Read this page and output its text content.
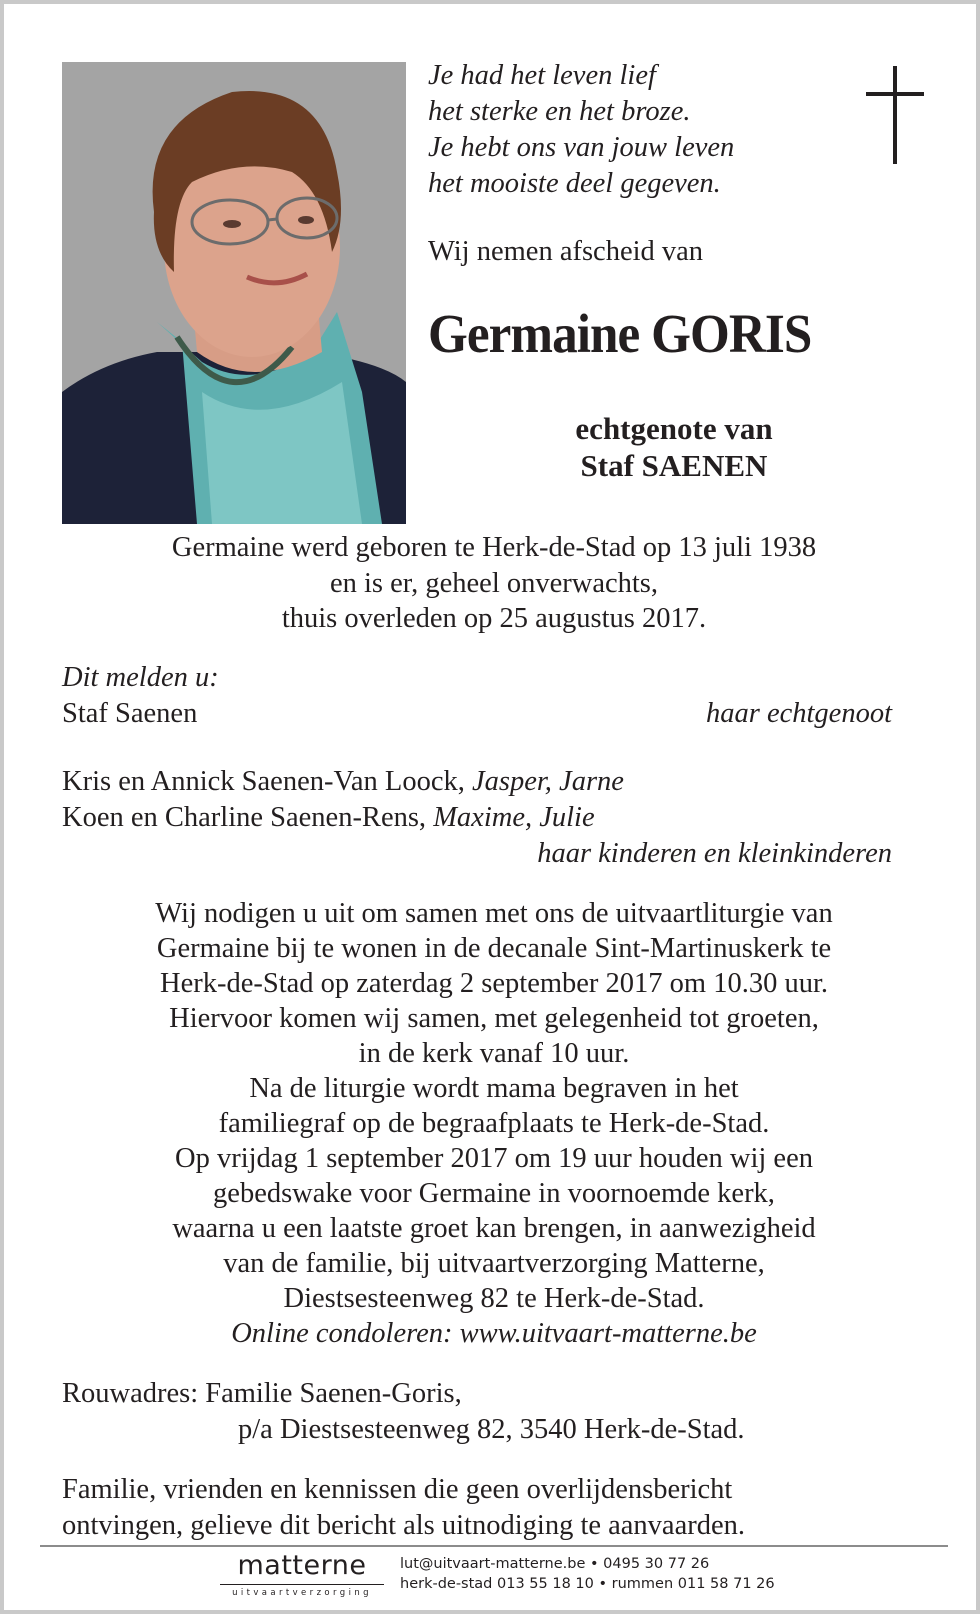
Je had het leven lief
het sterke en het broze.
Je hebt ons van jouw leven
het mooiste deel gegeven.
Wij nemen afscheid van
Germaine GORIS
echtgenote van
Staf SAENEN
Germaine werd geboren te Herk-de-Stad op 13 juli 1938
en is er, geheel onverwachts,
thuis overleden op 25 augustus 2017.
Dit melden u:
Staf Saenen	haar echtgenoot
Kris en Annick Saenen-Van Loock, Jasper, Jarne
Koen en Charline Saenen-Rens, Maxime, Julie
haar kinderen en kleinkinderen
Wij nodigen u uit om samen met ons de uitvaartliturgie van
Germaine bij te wonen in de decanale Sint-Martinuskerk te
Herk-de-Stad op zaterdag 2 september 2017 om 10.30 uur.
Hiervoor komen wij samen, met gelegenheid tot groeten,
in de kerk vanaf 10 uur.
Na de liturgie wordt mama begraven in het
familiegraf op de begraafplaats te Herk-de-Stad.
Op vrijdag 1 september 2017 om 19 uur houden wij een
gebedswake voor Germaine in voornoemde kerk,
waarna u een laatste groet kan brengen, in aanwezigheid
van de familie, bij uitvaartverzorging Matterne,
Diestsesteenweg 82 te Herk-de-Stad.
Online condoleren: www.uitvaart-matterne.be
Rouwadres: Familie Saenen-Goris,
p/a Diestsesteenweg 82, 3540 Herk-de-Stad.
Familie, vrienden en kennissen die geen overlijdensbericht
ontvingen, gelieve dit bericht als uitnodiging te aanvaarden.
matterne
uitvaartverzorging
lut@uitvaart-matterne.be • 0495 30 77 26
herk-de-stad 013 55 18 10 • rummen 011 58 71 26
